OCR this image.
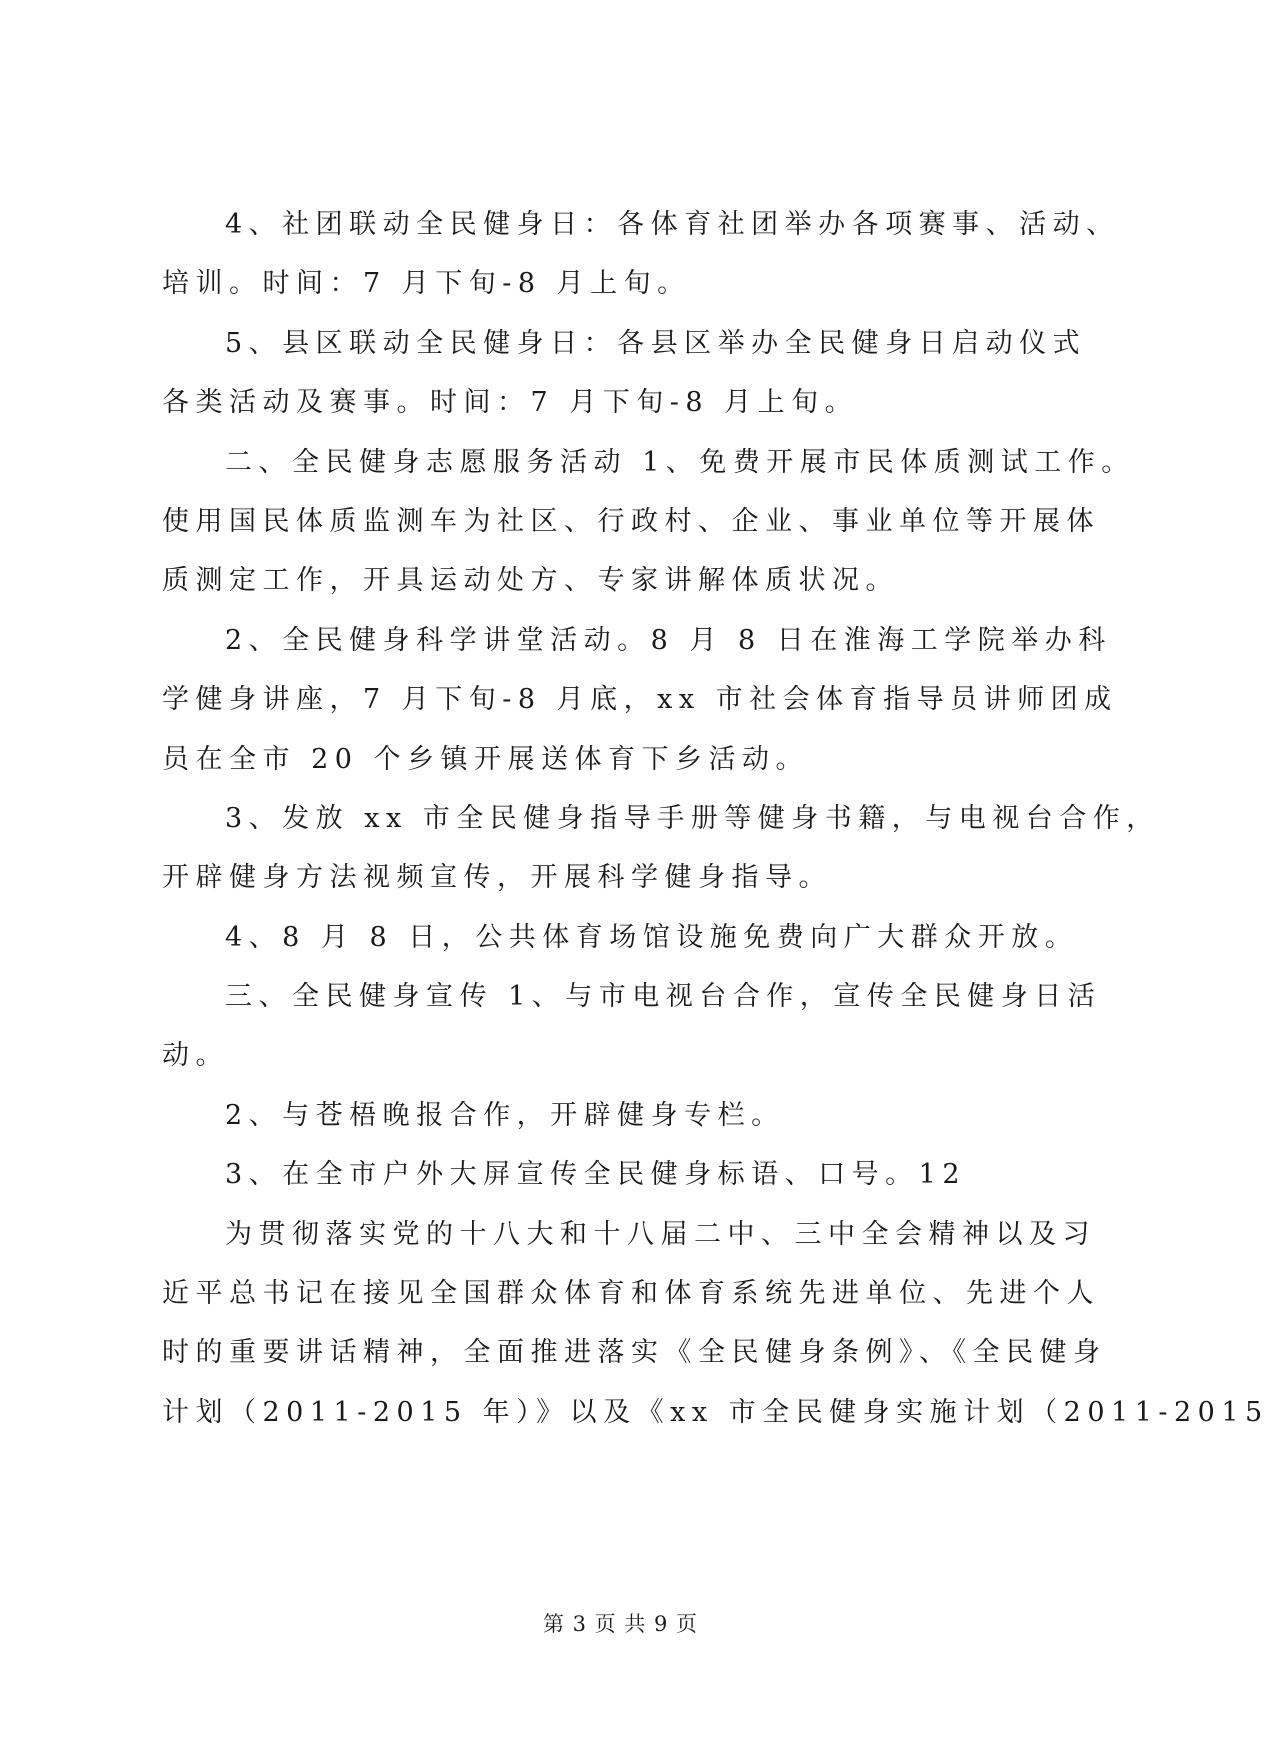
4、社团联动全民健身日：各体育社团举办各项赛事、活动、
培训。时间：7 月下旬-8 月上旬。
5、县区联动全民健身日：各县区举办全民健身日启动仪式
各类活动及赛事。时间：7 月下旬-8 月上旬。
二、全民健身志愿服务活动 1、免费开展市民体质测试工作。
使用国民体质监测车为社区、行政村、企业、事业单位等开展体
质测定工作，开具运动处方、专家讲解体质状况。
2、全民健身科学讲堂活动。8 月 8 日在淮海工学院举办科
学健身讲座，7 月下旬-8 月底，xx 市社会体育指导员讲师团成
员在全市 20 个乡镇开展送体育下乡活动。
3、发放 xx 市全民健身指导手册等健身书籍，与电视台合作，
开辟健身方法视频宣传，开展科学健身指导。
4、8 月 8 日，公共体育场馆设施免费向广大群众开放。
三、全民健身宣传 1、与市电视台合作，宣传全民健身日活
动。
2、与苍梧晚报合作，开辟健身专栏。
3、在全市户外大屏宣传全民健身标语、口号。12
为贯彻落实党的十八大和十八届二中、三中全会精神以及习
近平总书记在接见全国群众体育和体育系统先进单位、先进个人
时的重要讲话精神，全面推进落实《全民健身条例》、《全民健身
计划（2011-2015 年）》以及《xx 市全民健身实施计划（2011-2015
第 3 页 共 9 页
